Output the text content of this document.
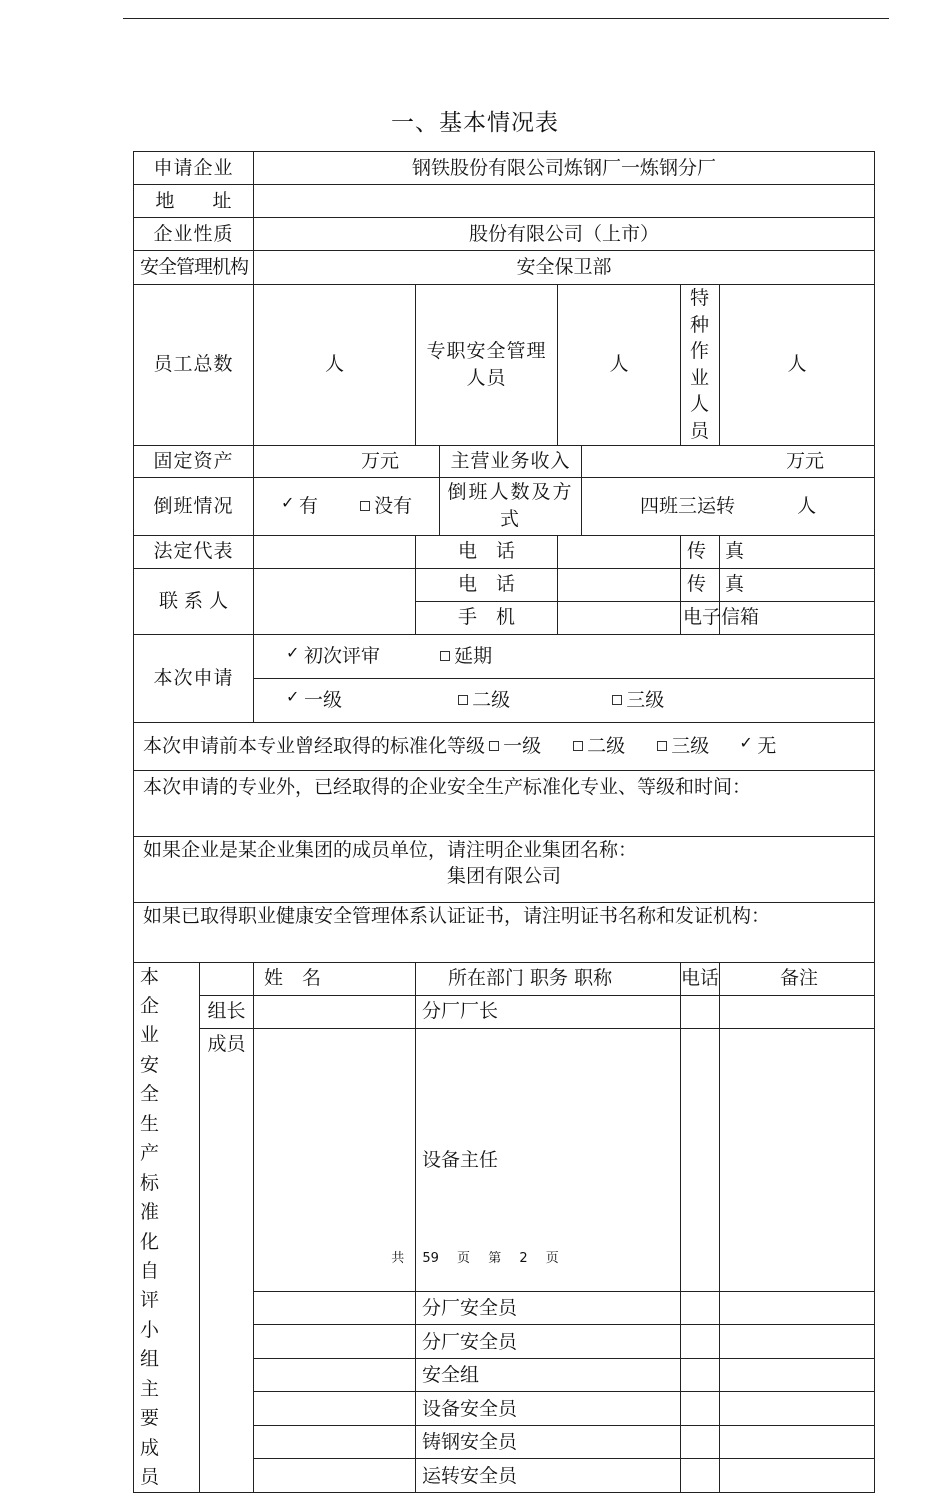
一、基本情况表
申请企业		钢铁股份有限公司炼钢厂一炼钢分厂						
地　　址								
企业性质		股份有限公司（上市）						
安全管理机构		安全保卫部						
员工总数		人	专职安全管理人员		人		特种作业人　员	人
固定资产		万元		主营业务收入		万元		
倒班情况		✓ 有 没有		倒班人数及方式		四班三运转 人		
法定代表			电　话				传　真	
联 系 人			电　话				传　真	
			手　机				电子信箱	
本次申请		✓ 初次评审 延期						
		✓ 一级 二级 三级						
本次申请前本专业曾经取得的标准化等级 一级 二级 三级 ✓ 无								
本次申请的专业外，已经取得的企业安全生产标准化专业、等级和时间：								

如果企业是某企业集团的成员单位，请注明企业集团名称：
集团有限公司								

如果已取得职业健康安全管理体系认证证书，请注明证书名称和发证机构：								
本企业安全生产标准化自评小组主要成员		姓　名	所在部门 职务 职称				电话	备注
	组长		分厂厂长					
	成员		设备主任					
			分厂安全员					
			分厂安全员					
			安全组					
			设备安全员					
			铸钢安全员					
			运转安全员					
共 59 页 第 2 页
